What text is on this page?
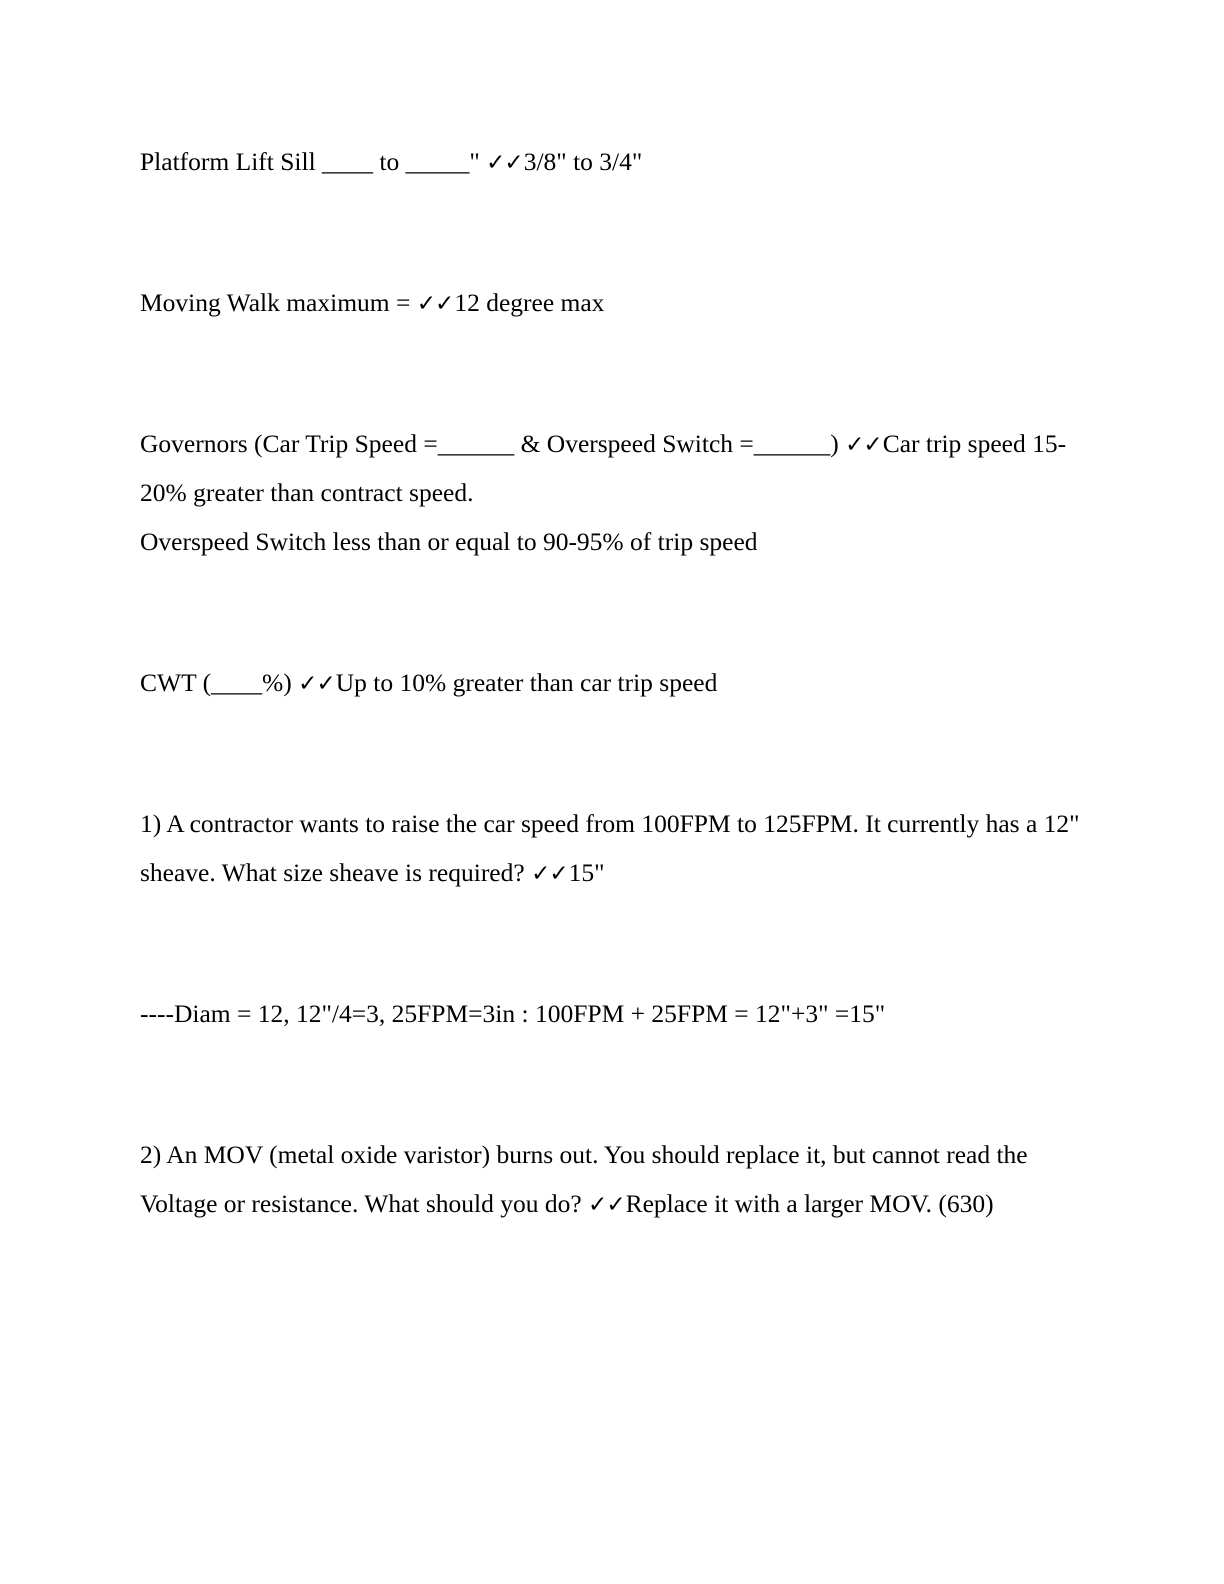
Platform Lift Sill ____ to _____" ✓✓3/8" to 3/4"

Moving Walk maximum = ✓✓12 degree max

Governors (Car Trip Speed =______ & Overspeed Switch =______) ✓✓Car trip speed 15-20% greater than contract speed.

Overspeed Switch less than or equal to 90-95% of trip speed

CWT (____%) ✓✓Up to 10% greater than car trip speed

1) A contractor wants to raise the car speed from 100FPM to 125FPM. It currently has a 12" sheave. What size sheave is required? ✓✓15"

----Diam = 12, 12"/4=3, 25FPM=3in : 100FPM + 25FPM = 12"+3" =15"

2) An MOV (metal oxide varistor) burns out. You should replace it, but cannot read the Voltage or resistance. What should you do? ✓✓Replace it with a larger MOV. (630)
